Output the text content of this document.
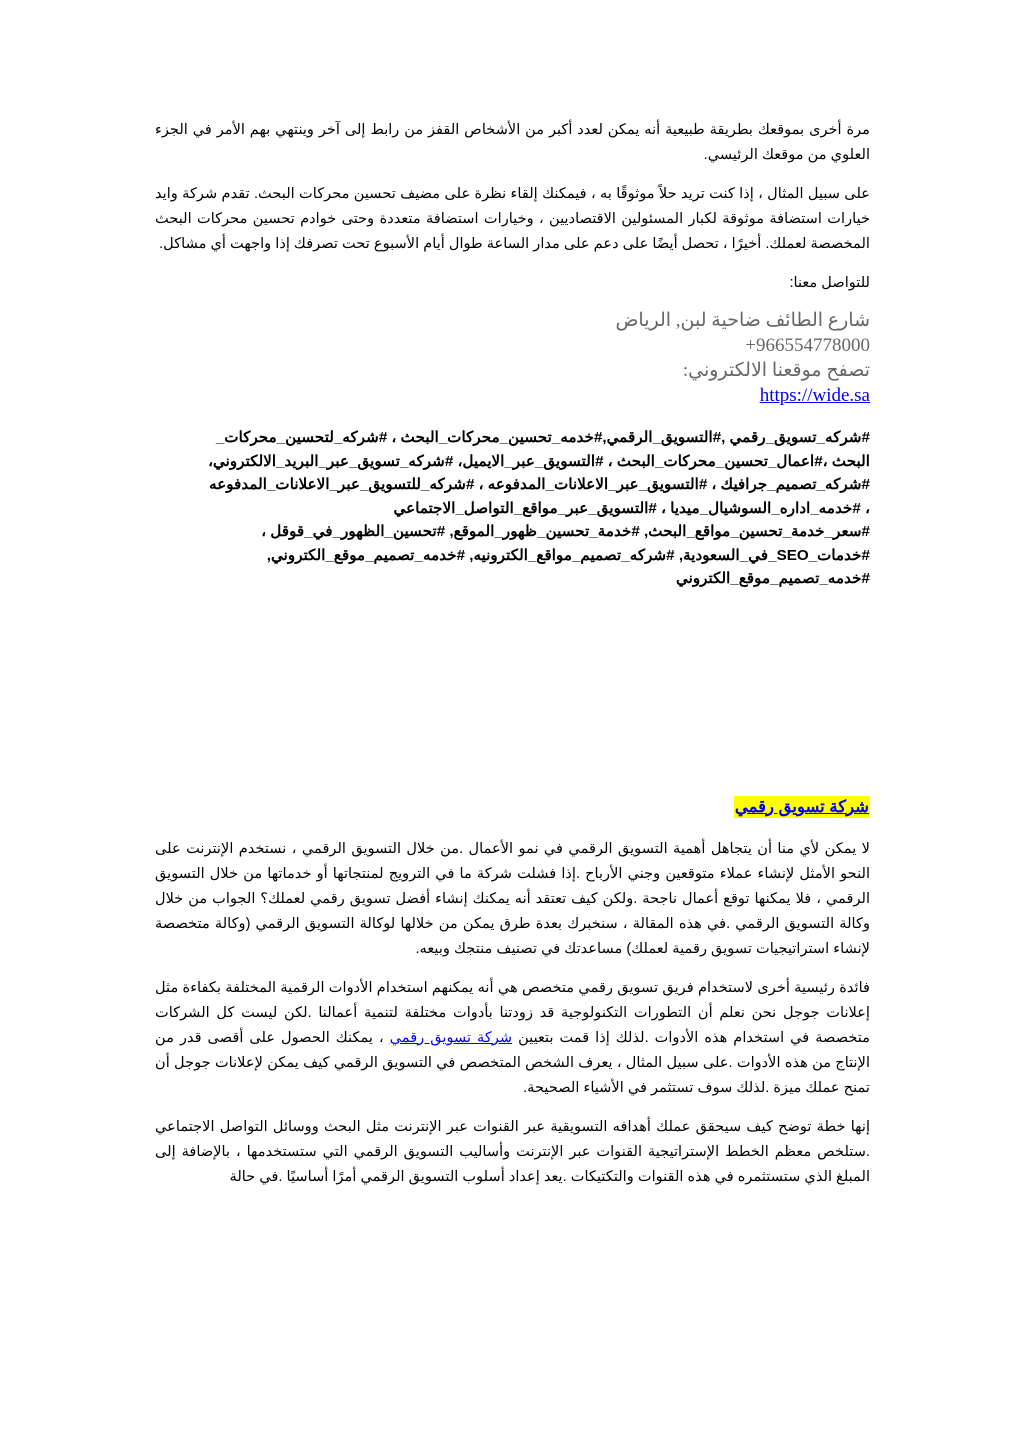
مرة أخرى بموقعك بطريقة طبيعية أنه يمكن لعدد أكبر من الأشخاص القفز من رابط إلى آخر وينتهي بهم الأمر في الجزء العلوي من موقعك الرئيسي.

على سبيل المثال ، إذا كنت تريد حلاً موثوقًا به ، فيمكنك إلقاء نظرة على مضيف تحسين محركات البحث. تقدم شركة وايد خيارات استضافة موثوقة لكبار المسئولين الاقتصاديين ، وخيارات استضافة متعددة وحتى خوادم تحسين محركات البحث المخصصة لعملك. أخيرًا ، تحصل أيضًا على دعم على مدار الساعة طوال أيام الأسبوع تحت تصرفك إذا واجهت أي مشاكل.

للتواصل معنا:

شارع الطائف ضاحية لبن, الرياض
+966554778000
تصفح موقعنا الالكتروني:
https://wide.sa
#شركه_تسويق_رقمي ,#التسويق_الرقمي,#خدمه_تحسين_محركات_البحث ، #شركه_لتحسين_محركات_
البحث ،#اعمال_تحسين_محركات_البحث ، #التسويق_عبر_الايميل، #شركه_تسويق_عبر_البريد_الالكتروني،
#شركه_تصميم_جرافيك ، #التسويق_عبر_الاعلانات_المدفوعه ، #شركه_للتسويق_عبر_الاعلانات_المدفوعه
، #خدمه_اداره_السوشيال_ميديا ، #التسويق_عبر_مواقع_التواصل_الاجتماعي
#سعر_خدمة_تحسين_مواقع_البحث, #خدمة_تحسين_ظهور_الموقع, #تحسين_الظهور_في_قوقل ،
#خدمات_SEO_في_السعودية, #شركه_تصميم_مواقع_الكترونيه, #خدمه_تصميم_موقع_الكتروني,
#خدمه_تصميم_موقع_الكتروني
شركة تسويق رقمي

لا يمكن لأي منا أن يتجاهل أهمية التسويق الرقمي في نمو الأعمال .من خلال التسويق الرقمي ، نستخدم الإنترنت على النحو الأمثل لإنشاء عملاء متوقعين وجني الأرباح .إذا فشلت شركة ما في الترويج لمنتجاتها أو خدماتها من خلال التسويق الرقمي ، فلا يمكنها توقع أعمال ناجحة .ولكن كيف تعتقد أنه يمكنك إنشاء أفضل تسويق رقمي لعملك؟ الجواب من خلال وكالة التسويق الرقمي .في هذه المقالة ، سنخبرك بعدة طرق يمكن من خلالها لوكالة التسويق الرقمي (وكالة متخصصة لإنشاء استراتيجيات تسويق رقمية لعملك) مساعدتك في تصنيف منتجك وبيعه.

فائدة رئيسية أخرى لاستخدام فريق تسويق رقمي متخصص هي أنه يمكنهم استخدام الأدوات الرقمية المختلفة بكفاءة مثل إعلانات جوجل نحن نعلم أن التطورات التكنولوجية قد زودتنا بأدوات مختلفة لتنمية أعمالنا .لكن ليست كل الشركات متخصصة في استخدام هذه الأدوات .لذلك إذا قمت بتعيين شركة تسويق رقمي ، يمكنك الحصول على أقصى قدر من الإنتاج من هذه الأدوات .على سبيل المثال ، يعرف الشخص المتخصص في التسويق الرقمي كيف يمكن لإعلانات جوجل أن تمنح عملك ميزة .لذلك سوف تستثمر في الأشياء الصحيحة.

إنها خطة توضح كيف سيحقق عملك أهدافه التسويقية عبر القنوات عبر الإنترنت مثل البحث ووسائل التواصل الاجتماعي .ستلخص معظم الخطط الإستراتيجية القنوات عبر الإنترنت وأساليب التسويق الرقمي التي ستستخدمها ، بالإضافة إلى المبلغ الذي ستستثمره في هذه القنوات والتكتيكات .يعد إعداد أسلوب التسويق الرقمي أمرًا أساسيًا .في حالة
